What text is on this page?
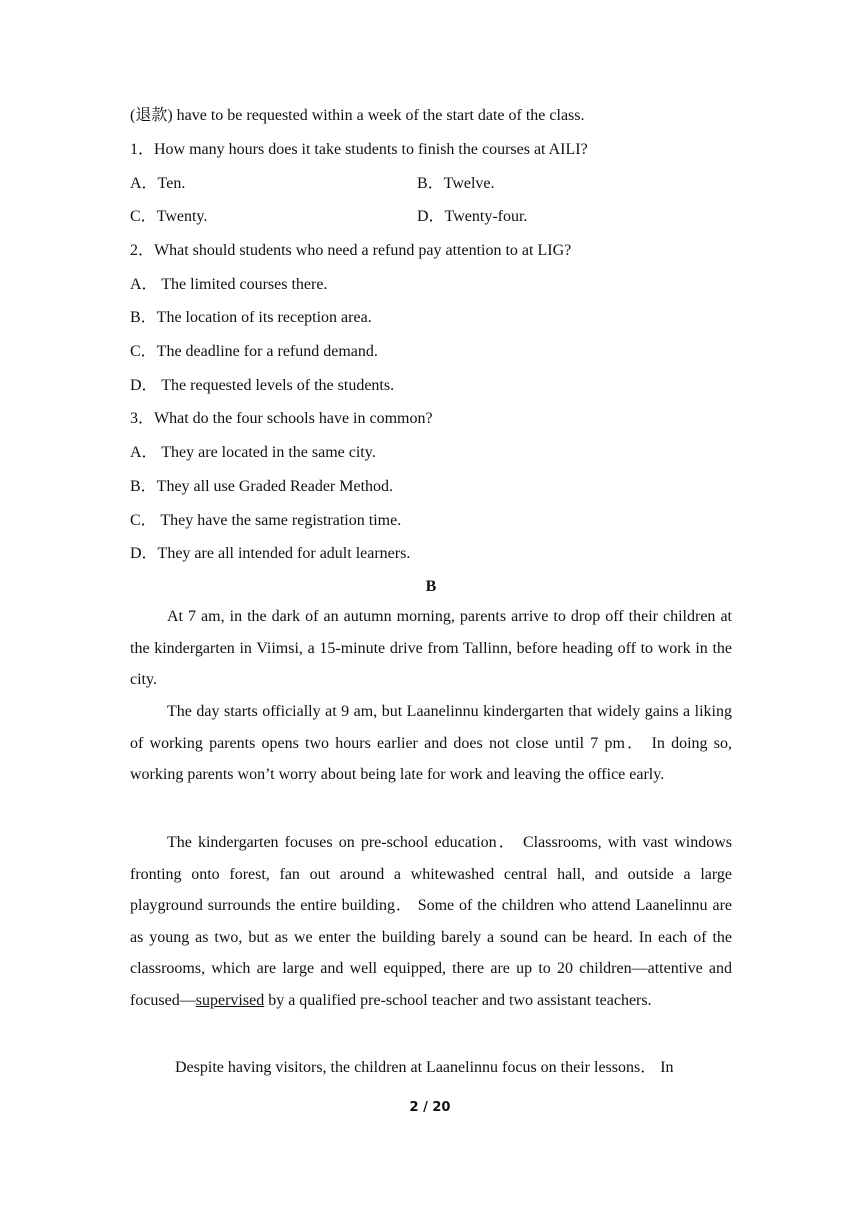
(退款) have to be requested within a week of the start date of the class.
1．How many hours does it take students to finish the courses at AILI?
A．Ten.	B．Twelve.
C．Twenty.	D．Twenty-four.
2．What should students who need a refund pay attention to at LIG?
A． The limited courses there.
B．The location of its reception area.
C．The deadline for a refund demand.
D． The requested levels of the students.
3．What do the four schools have in common?
A． They are located in the same city.
B．They all use Graded Reader Method.
C． They have the same registration time.
D．They are all intended for adult learners.
B
At 7 am, in the dark of an autumn morning, parents arrive to drop off their children at the kindergarten in Viimsi, a 15-minute drive from Tallinn, before heading off to work in the city.
The day starts officially at 9 am, but Laanelinnu kindergarten that widely gains a liking of working parents opens two hours earlier and does not close until 7 pm． In doing so, working parents won’t worry about being late for work and leaving the office early.
The kindergarten focuses on pre-school education． Classrooms, with vast windows fronting onto forest, fan out around a whitewashed central hall, and outside a large playground surrounds the entire building． Some of the children who attend Laanelinnu are as young as two, but as we enter the building barely a sound can be heard. In each of the classrooms, which are large and well equipped, there are up to 20 children—attentive and focused—supervised by a qualified pre-school teacher and two assistant teachers.
Despite having visitors, the children at Laanelinnu focus on their lessons． In
2 / 20
